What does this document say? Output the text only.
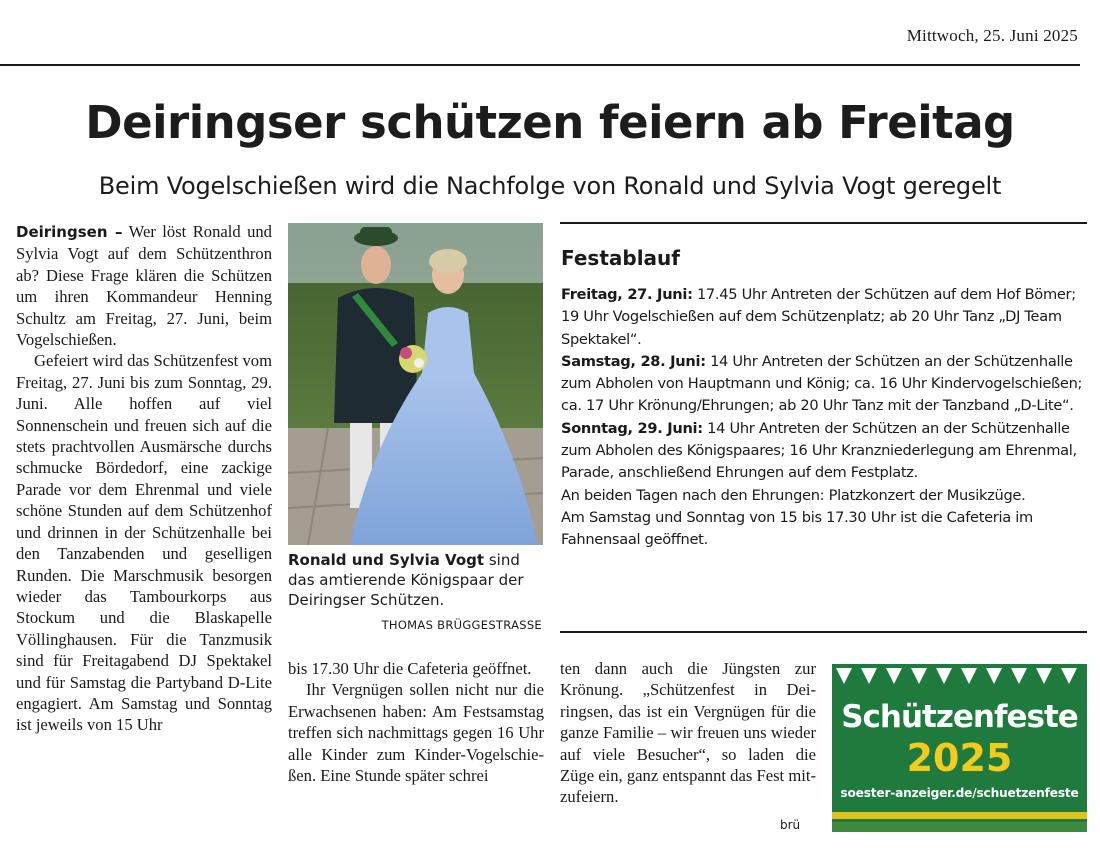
Mittwoch, 25. Juni 2025
Deiringser schützen feiern ab Freitag
Beim Vogelschießen wird die Nachfolge von Ronald und Sylvia Vogt geregelt

Deiringsen – Wer löst Ronald und Sylvia Vogt auf dem Schützenthron ab? Diese Frage klären die Schützen um ihren Kommandeur Henning Schultz am Freitag, 27. Juni, beim Vogelschießen.

Gefeiert wird das Schützenfest vom Freitag, 27. Juni bis zum Sonntag, 29. Juni. Alle hoffen auf viel Sonnenschein und freuen sich auf die stets prachtvollen Ausmärsche durchs schmucke Bördedorf, eine zackige Parade vor dem Ehrenmal und viele schöne Stunden auf dem Schützenhof und drinnen in der Schützenhalle bei den Tanzabenden und geselligen Runden. Die Marschmusik besorgen wieder das Tambourkorps aus Stockum und die Blaskapelle Völlinghausen. Für die Tanzmusik sind für Freitagabend DJ Spektakel und für Samstag die Partyband D-Lite engagiert. Am Samstag und Sonntag ist jeweils von 15 Uhr

Ronald und Sylvia Vogt sind das amtierende Königspaar der Deiringser Schützen.
THOMAS BRÜGGESTRASSE

bis 17.30 Uhr die Cafeteria geöffnet.

Ihr Vergnügen sollen nicht nur die Erwachsenen haben: Am Festsamstag treffen sich nachmittags gegen 16 Uhr alle Kinder zum Kinder-Vogelschießen. Eine Stunde später schrei

ten dann auch die Jüngsten zur Krönung. „Schützenfest in Deiringsen, das ist ein Vergnügen für die ganze Familie – wir freuen uns wieder auf viele Besucher“, so laden die Züge ein, ganz entspannt das Fest mitzufeiern.

brü
Festablauf

Freitag, 27. Juni: 17.45 Uhr Antreten der Schützen auf dem Hof Bömer; 19 Uhr Vogelschießen auf dem Schützenplatz; ab 20 Uhr Tanz „DJ Team Spektakel“.

Samstag, 28. Juni: 14 Uhr Antreten der Schützen an der Schützenhalle zum Abholen von Hauptmann und König; ca. 16 Uhr Kindervogelschießen; ca. 17 Uhr Krönung/Ehrungen; ab 20 Uhr Tanz mit der Tanzband „D-Lite“.

Sonntag, 29. Juni: 14 Uhr Antreten der Schützen an der Schützenhalle zum Abholen des Königspaares; 16 Uhr Kranzniederlegung am Ehrenmal, Parade, anschließend Ehrungen auf dem Festplatz.

An beiden Tagen nach den Ehrungen: Platzkonzert der Musikzüge.

Am Samstag und Sonntag von 15 bis 17.30 Uhr ist die Cafeteria im Fahnensaal geöffnet.

Schützenfeste
2025
soester-anzeiger.de/schuetzenfeste
